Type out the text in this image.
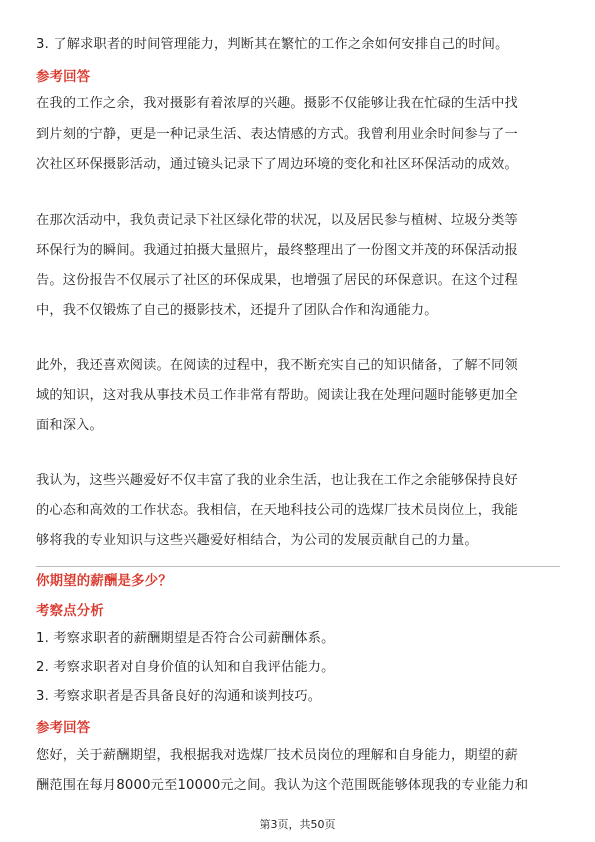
3. 了解求职者的时间管理能力，判断其在繁忙的工作之余如何安排自己的时间。
参考回答
在我的工作之余，我对摄影有着浓厚的兴趣。摄影不仅能够让我在忙碌的生活中找
到片刻的宁静，更是一种记录生活、表达情感的方式。我曾利用业余时间参与了一
次社区环保摄影活动，通过镜头记录下了周边环境的变化和社区环保活动的成效。
在那次活动中，我负责记录下社区绿化带的状况，以及居民参与植树、垃圾分类等
环保行为的瞬间。我通过拍摄大量照片，最终整理出了一份图文并茂的环保活动报
告。这份报告不仅展示了社区的环保成果，也增强了居民的环保意识。在这个过程
中，我不仅锻炼了自己的摄影技术，还提升了团队合作和沟通能力。
此外，我还喜欢阅读。在阅读的过程中，我不断充实自己的知识储备，了解不同领
域的知识，这对我从事技术员工作非常有帮助。阅读让我在处理问题时能够更加全
面和深入。
我认为，这些兴趣爱好不仅丰富了我的业余生活，也让我在工作之余能够保持良好
的心态和高效的工作状态。我相信，在天地科技公司的选煤厂技术员岗位上，我能
够将我的专业知识与这些兴趣爱好相结合，为公司的发展贡献自己的力量。
你期望的薪酬是多少？
考察点分析
1. 考察求职者的薪酬期望是否符合公司薪酬体系。
2. 考察求职者对自身价值的认知和自我评估能力。
3. 考察求职者是否具备良好的沟通和谈判技巧。
参考回答
您好，关于薪酬期望，我根据我对选煤厂技术员岗位的理解和自身能力，期望的薪
酬范围在每月8000元至10000元之间。我认为这个范围既能够体现我的专业能力和
第3页，共50页
